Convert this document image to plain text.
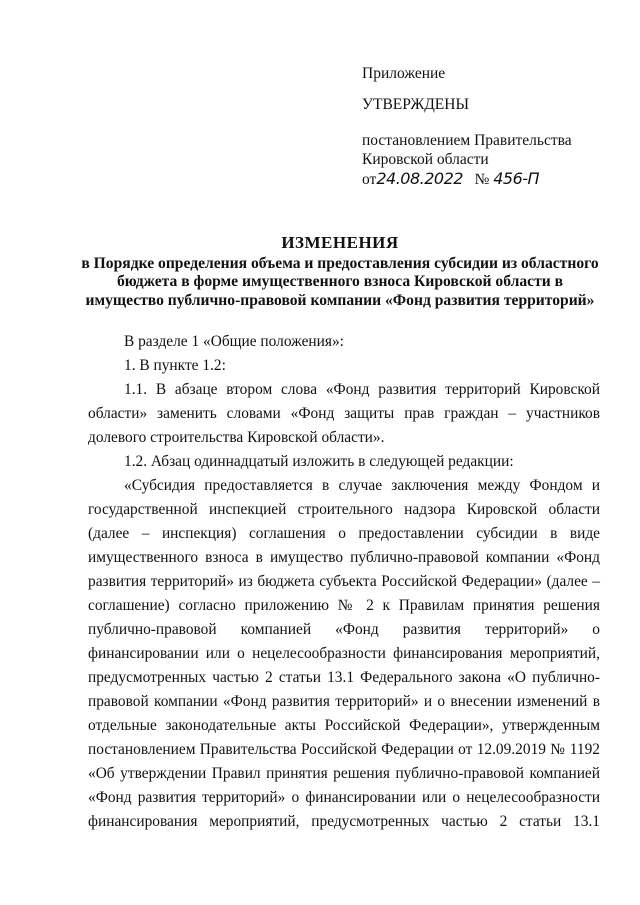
Приложение
УТВЕРЖДЕНЫ
постановлением Правительства
Кировской области
от24.08.2022 № 456-П
ИЗМЕНЕНИЯ
в Порядке определения объема и предоставления субсидии из областного
бюджета в форме имущественного взноса Кировской области в
имущество публично-правовой компании «Фонд развития территорий»
В разделе 1 «Общие положения»:
1. В пункте 1.2:
1.1. В абзаце втором слова «Фонд развития территорий Кировской
области» заменить словами «Фонд защиты прав граждан – участников
долевого строительства Кировской области».
1.2. Абзац одиннадцатый изложить в следующей редакции:
«Субсидия предоставляется в случае заключения между Фондом и
государственной инспекцией строительного надзора Кировской области
(далее – инспекция) соглашения о предоставлении субсидии в виде
имущественного взноса в имущество публично-правовой компании «Фонд
развития территорий» из бюджета субъекта Российской Федерации» (далее –
соглашение) согласно приложению № 2 к Правилам принятия решения
публично-правовой компанией «Фонд развития территорий» о
финансировании или о нецелесообразности финансирования мероприятий,
предусмотренных частью 2 статьи 13.1 Федерального закона «О публично-
правовой компании «Фонд развития территорий» и о внесении изменений в
отдельные законодательные акты Российской Федерации», утвержденным
постановлением Правительства Российской Федерации от 12.09.2019 № 1192
«Об утверждении Правил принятия решения публично-правовой компанией
«Фонд развития территорий» о финансировании или о нецелесообразности
финансирования мероприятий, предусмотренных частью 2 статьи 13.1
